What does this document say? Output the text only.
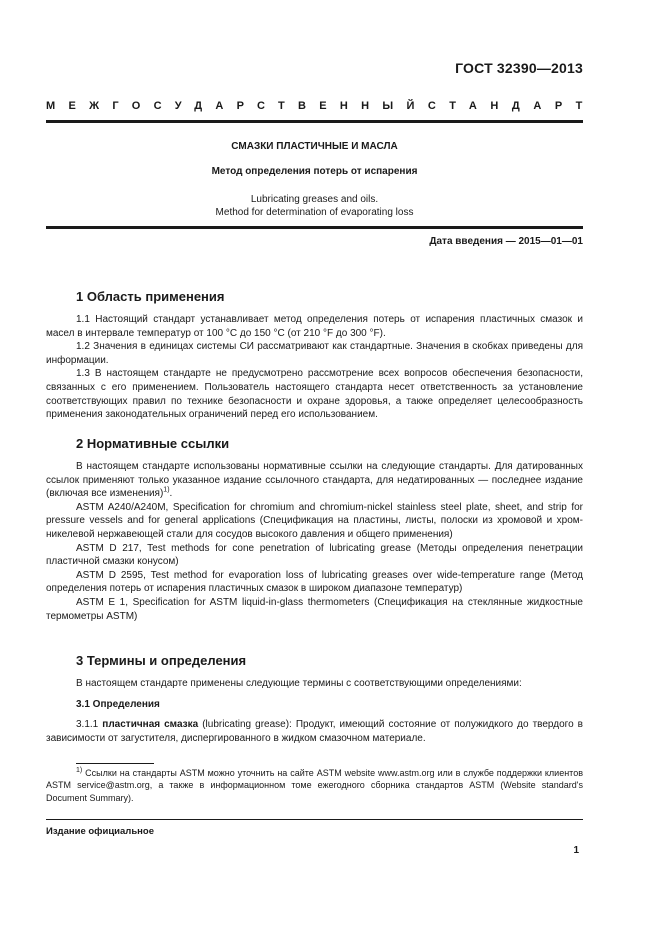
ГОСТ 32390—2013
МЕЖГОСУДАРСТВЕННЫЙ СТАНДАРТ
СМАЗКИ ПЛАСТИЧНЫЕ И МАСЛА
Метод определения потерь от испарения
Lubricating greases and oils.
Method for determination of evaporating loss
Дата введения — 2015—01—01
1 Область применения
1.1 Настоящий стандарт устанавливает метод определения потерь от испарения пластичных смазок и масел в интервале температур от 100 °C до 150 °C (от 210 °F до 300 °F).
1.2 Значения в единицах системы СИ рассматривают как стандартные. Значения в скобках приведены для информации.
1.3 В настоящем стандарте не предусмотрено рассмотрение всех вопросов обеспечения безопасности, связанных с его применением. Пользователь настоящего стандарта несет ответственность за установление соответствующих правил по технике безопасности и охране здоровья, а также определяет целесообразность применения законодательных ограничений перед его использованием.
2 Нормативные ссылки
В настоящем стандарте использованы нормативные ссылки на следующие стандарты. Для датированных ссылок применяют только указанное издание ссылочного стандарта, для недатированных — последнее издание (включая все изменения)$^{1)}$.
ASTM A240/A240M, Specification for chromium and chromium-nickel stainless steel plate, sheet, and strip for pressure vessels and for general applications (Спецификация на пластины, листы, полоски из хромовой и хром-никелевой нержавеющей стали для сосудов высокого давления и общего применения)
ASTM D 217, Test methods for cone penetration of lubricating grease (Методы определения пенетрации пластичной смазки конусом)
ASTM D 2595, Test method for evaporation loss of lubricating greases over wide-temperature range (Метод определения потерь от испарения пластичных смазок в широком диапазоне температур)
ASTM E 1, Specification for ASTM liquid-in-glass thermometers (Спецификация на стеклянные жидкостные термометры ASTM)
3 Термины и определения
В настоящем стандарте применены следующие термины с соответствующими определениями:
3.1 Определения
3.1.1 пластичная смазка (lubricating grease): Продукт, имеющий состояние от полужидкого до твердого в зависимости от загустителя, диспергированного в жидком смазочном материале.
$^{1)}$ Ссылки на стандарты ASTM можно уточнить на сайте ASTM website www.astm.org или в службе поддержки клиентов ASTM service@astm.org, а также в информационном томе ежегодного сборника стандартов ASTM (Website standard's Document Summary).
Издание официальное
1
